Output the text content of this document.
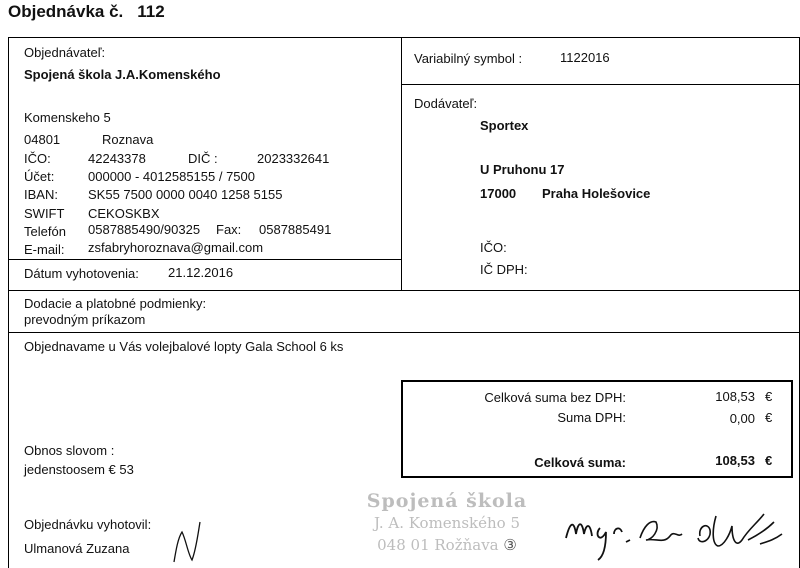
Objednávka č. 112
Objednávateľ:
Spojená škola J.A.Komenského
Komenskeho 5
04801	Roznava
IČO:	42243378	DIČ :	2023332641
Účet:	000000 - 4012585155 / 7500
IBAN: SK55 7500 0000 0040 1258 5155
SWIFT CEKOSKBX
Telefón 0587885490/90325 Fax: 0587885491
E-mail: zsfabryhoroznava@gmail.com
Dátum vyhotovenia: 21.12.2016
Variabilný symbol :	1122016
Dodávateľ:
Sportex
U Pruhonu 17
17000 Praha Holešovice
IČO:
IČ DPH:
Dodacie a platobné podmienky:
prevodným príkazom
Objednavame u Vás volejbalové lopty Gala School 6 ks
Celková suma bez DPH:	108,53 €
Suma DPH:	0,00 €
Celková suma:	108,53 €
Obnos slovom :
jedenstoosem € 53
Objednávku vyhotovil:
Ulmanová Zuzana
Spojená škola
J. A. Komenského 5
048 01 Rožňava ③
